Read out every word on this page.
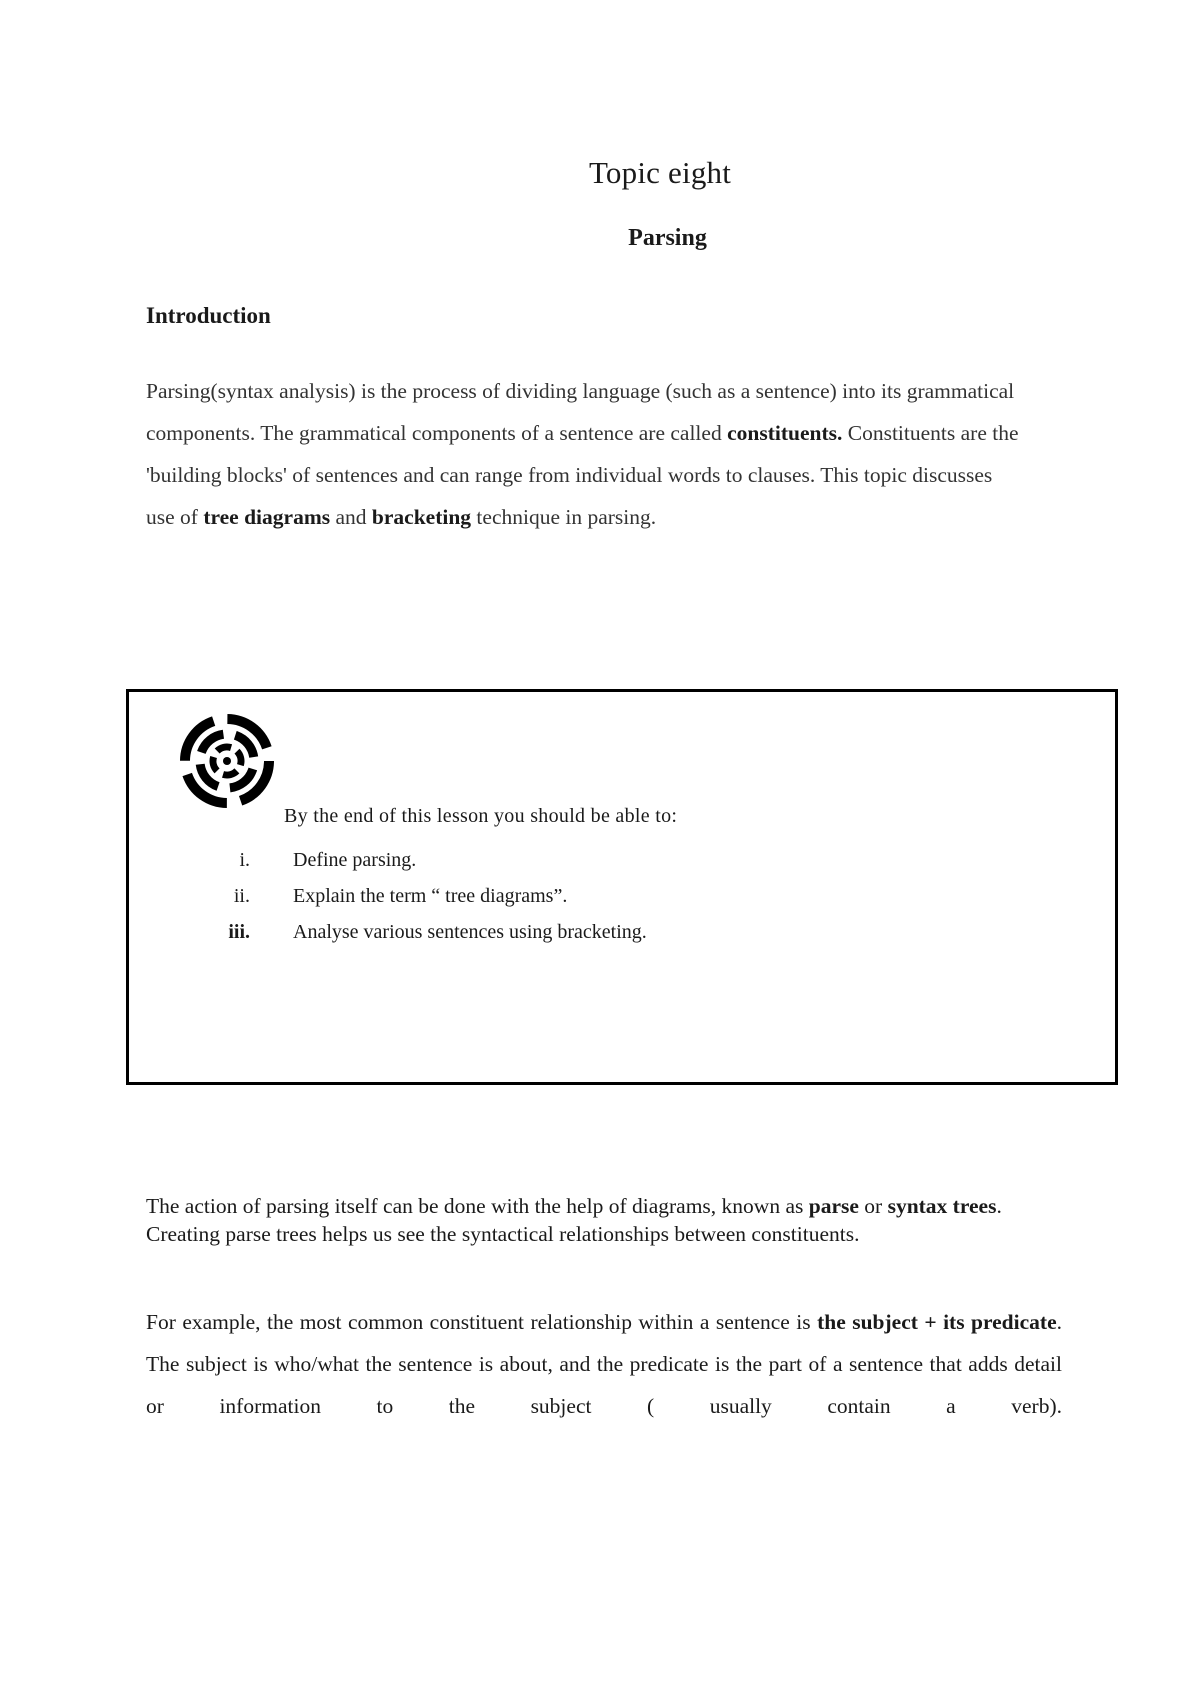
Topic eight
Parsing
Introduction

Parsing(syntax analysis) is the process of dividing language (such as a sentence) into its grammatical components. The grammatical components of a sentence are called constituents. Constituents are the 'building blocks' of sentences and can range from individual words to clauses. This topic discusses use of tree diagrams and bracketing technique in parsing.

By the end of this lesson you should be able to:

i.	Define parsing.
ii.	Explain the term “ tree diagrams”.
iii.	Analyse various sentences using bracketing.

The action of parsing itself can be done with the help of diagrams, known as parse or syntax trees. Creating parse trees helps us see the syntactical relationships between constituents.

For example, the most common constituent relationship within a sentence is the subject + its predicate. The subject is who/what the sentence is about, and the predicate is the part of a sentence that adds detail or information to the subject ( usually contain a verb).
